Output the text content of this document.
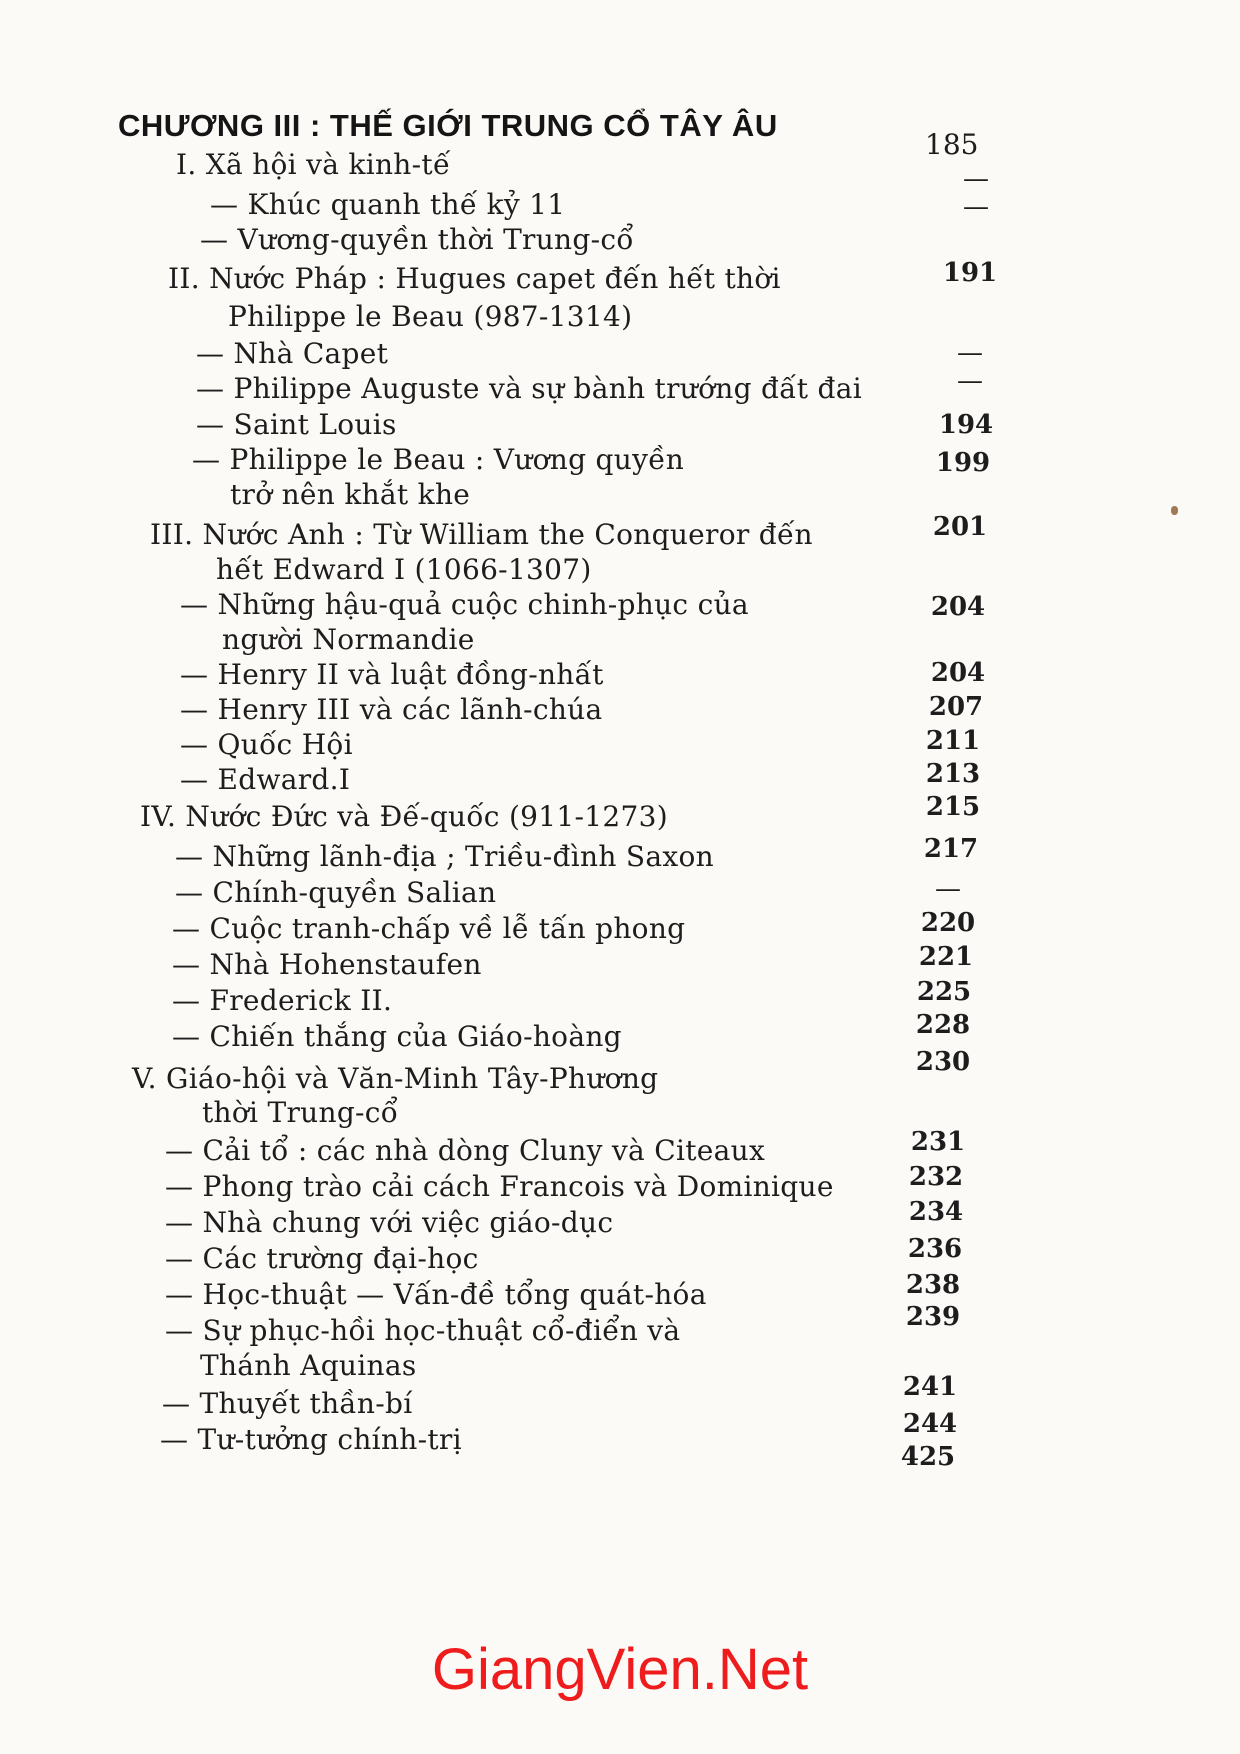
CHƯƠNG III : THẾ GIỚI TRUNG CỔ TÂY ÂU
185
I. Xã hội và kinh-tế	—
— Khúc quanh thế kỷ 11	—
— Vương-quyền thời Trung-cổ
191
II. Nước Pháp : Hugues capet đến hết thời
Philippe le Beau (987-1314)
—
— Nhà Capet
—
— Philippe Auguste và sự bành trướng đất đai
194
— Saint Louis
199
— Philippe le Beau : Vương quyền
trở nên khắt khe
201
III. Nước Anh : Từ William the Conqueror đến
hết Edward I (1066-1307)
204
— Những hậu-quả cuộc chinh-phục của
người Normandie
204
— Henry II và luật đồng-nhất
207
— Henry III và các lãnh-chúa
211
— Quốc Hội
213
— Edward.I
215
IV. Nước Đức và Đế-quốc (911-1273)
217
— Những lãnh-địa ; Triều-đình Saxon
—
— Chính-quyền Salian
220
— Cuộc tranh-chấp về lễ tấn phong
221
— Nhà Hohenstaufen
225
— Frederick II.
228
— Chiến thắng của Giáo-hoàng
230
V. Giáo-hội và Văn-Minh Tây-Phương
thời Trung-cổ
231
— Cải tổ : các nhà dòng Cluny và Citeaux
232
— Phong trào cải cách Francois và Dominique
234
— Nhà chung với việc giáo-dục
236
— Các trường đại-học
238
— Học-thuật — Vấn-đề tổng quát-hóa
239
— Sự phục-hồi học-thuật cổ-điển và
Thánh Aquinas
241
— Thuyết thần-bí
244
— Tư-tưởng chính-trị
425
GiangVien.Net
